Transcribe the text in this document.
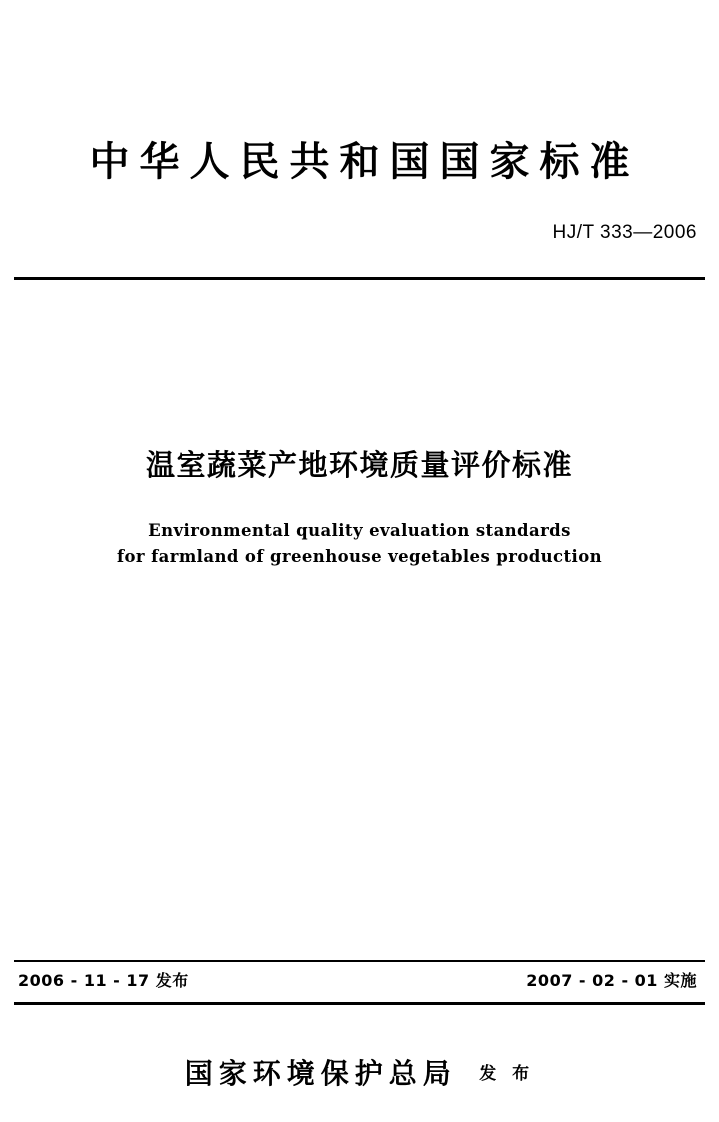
中华人民共和国国家标准
HJ/T 333—2006
温室蔬菜产地环境质量评价标准
Environmental quality evaluation standards
for farmland of greenhouse vegetables production
2006 - 11 - 17 发布	2007 - 02 - 01 实施
国家环境保护总局 发 布
